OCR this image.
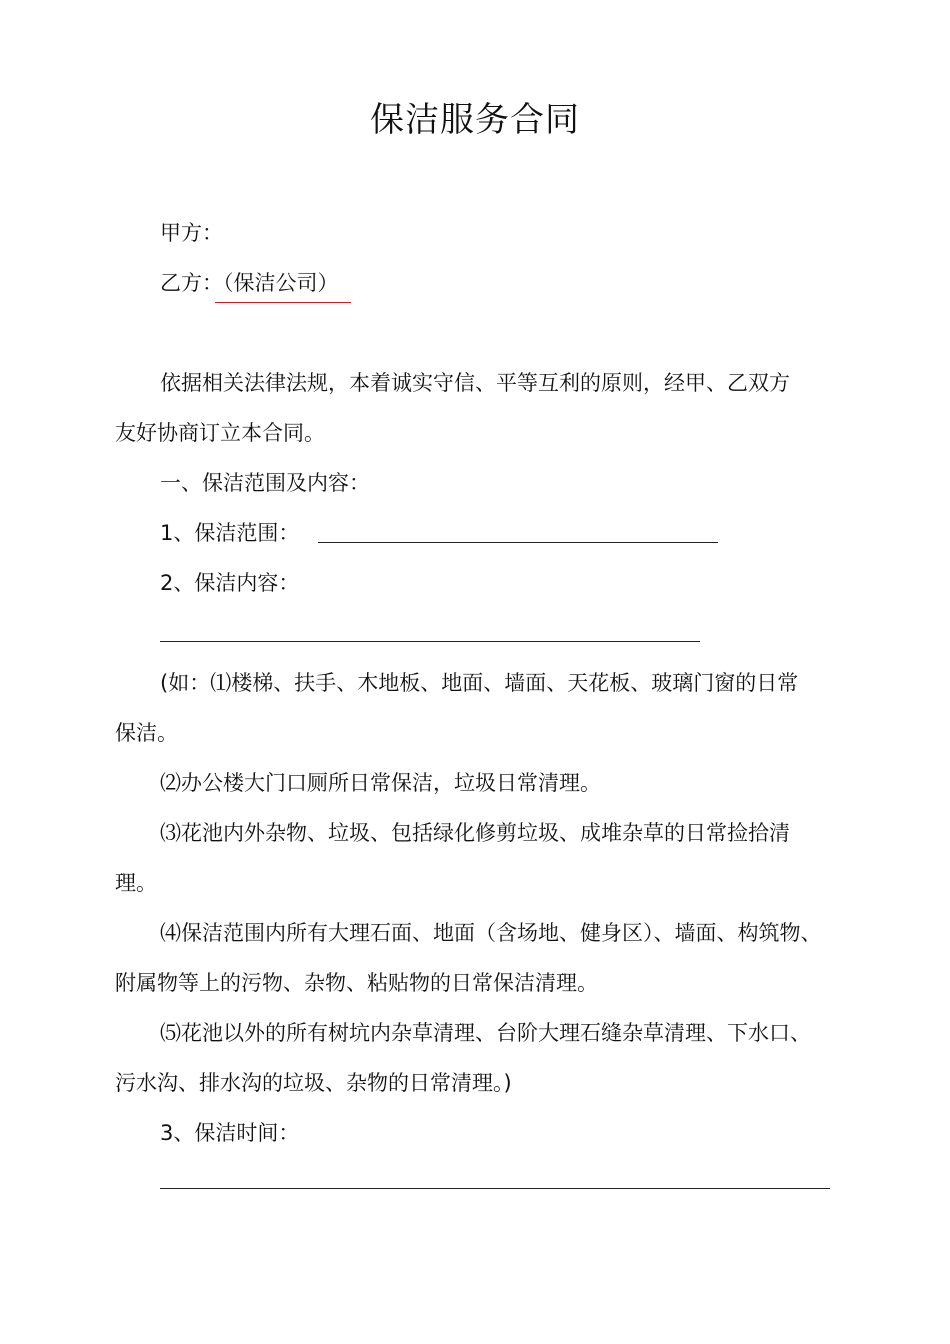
保洁服务合同
甲方：
乙方：（保洁公司）
依据相关法律法规，本着诚实守信、平等互利的原则，经甲、乙双方
友好协商订立本合同。
一、保洁范围及内容：
1、保洁范围：
2、保洁内容：
(如：⑴楼梯、扶手、木地板、地面、墙面、天花板、玻璃门窗的日常
保洁。
⑵办公楼大门口厕所日常保洁，垃圾日常清理。
⑶花池内外杂物、垃圾、包括绿化修剪垃圾、成堆杂草的日常捡拾清
理。
⑷保洁范围内所有大理石面、地面（含场地、健身区）、墙面、构筑物、
附属物等上的污物、杂物、粘贴物的日常保洁清理。
⑸花池以外的所有树坑内杂草清理、台阶大理石缝杂草清理、下水口、
污水沟、排水沟的垃圾、杂物的日常清理。)
3、保洁时间：
